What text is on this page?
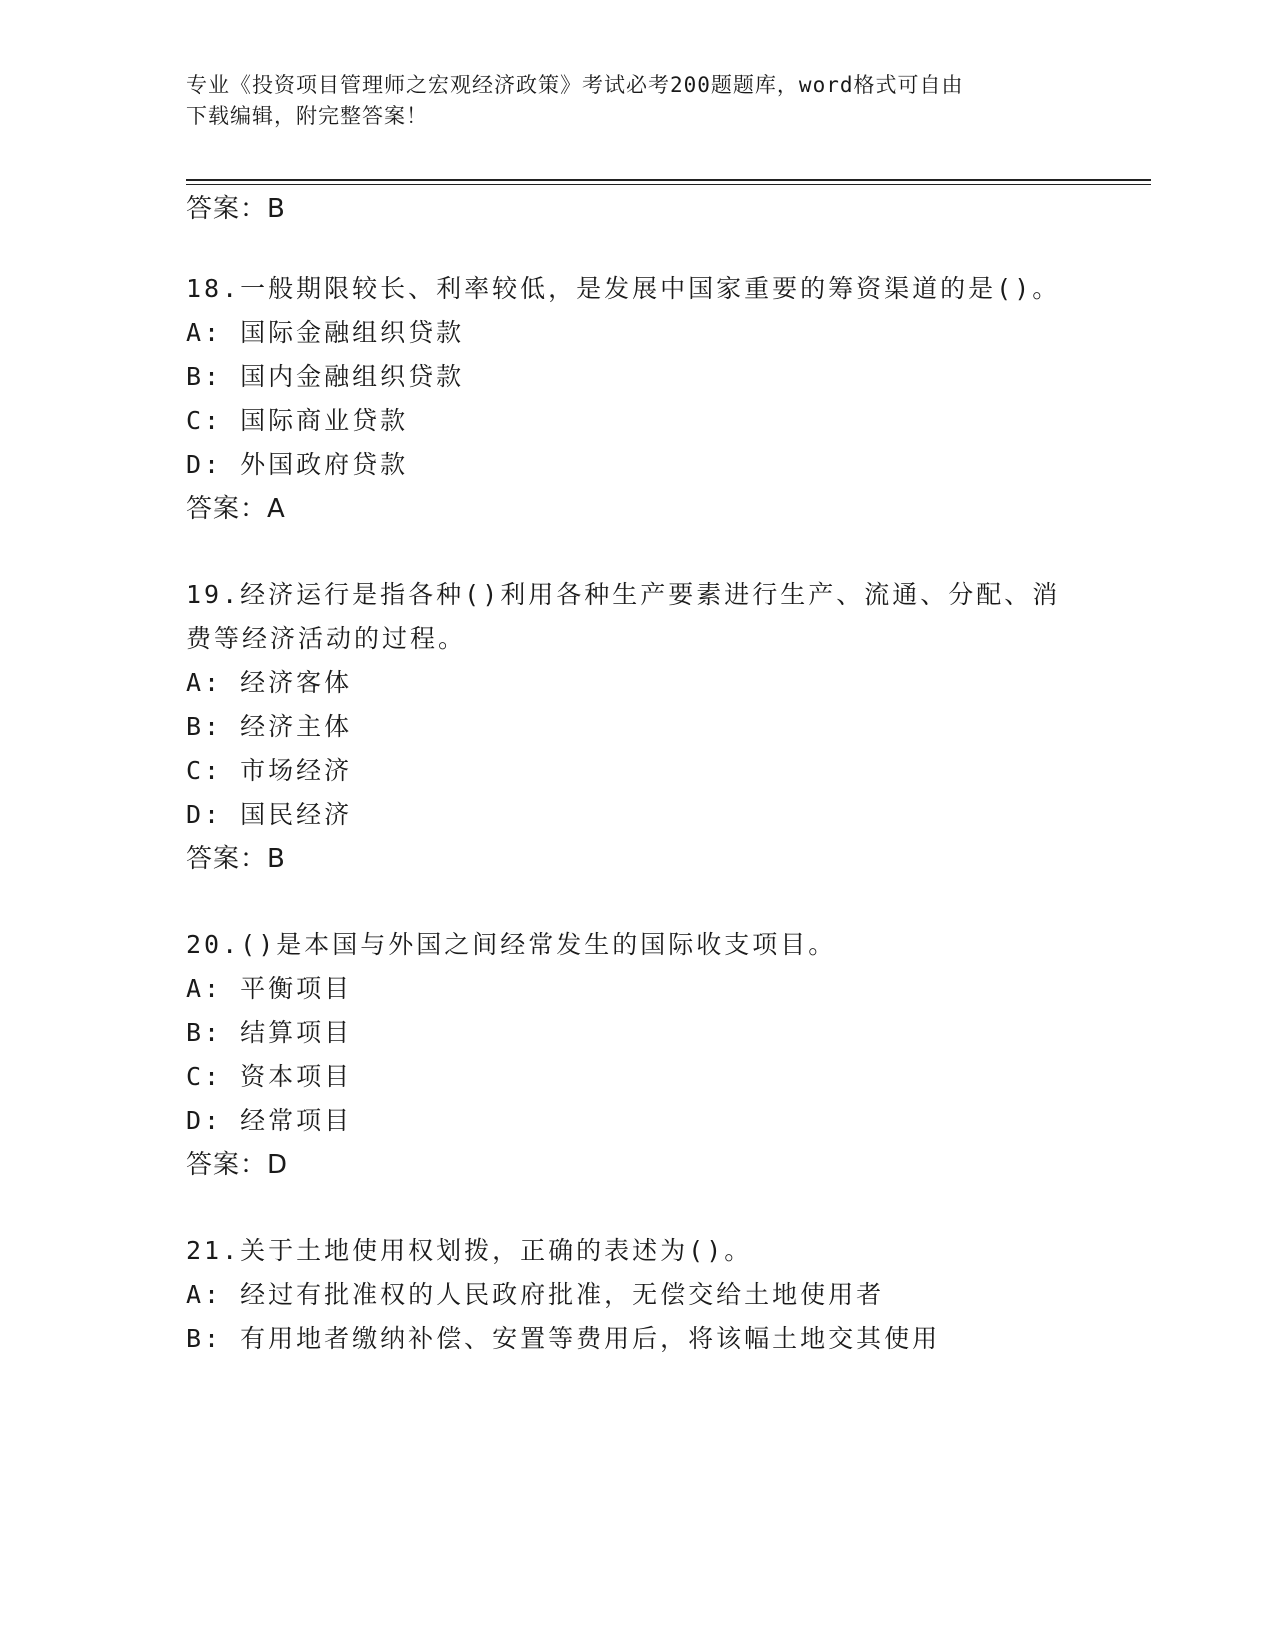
专业《投资项目管理师之宏观经济政策》考试必考200题题库，word格式可自由
下载编辑，附完整答案！
答案：B
18.一般期限较长、利率较低，是发展中国家重要的筹资渠道的是()。
A: 国际金融组织贷款
B: 国内金融组织贷款
C: 国际商业贷款
D: 外国政府贷款
答案：A
19.经济运行是指各种()利用各种生产要素进行生产、流通、分配、消
费等经济活动的过程。
A: 经济客体
B: 经济主体
C: 市场经济
D: 国民经济
答案：B
20.()是本国与外国之间经常发生的国际收支项目。
A: 平衡项目
B: 结算项目
C: 资本项目
D: 经常项目
答案：D
21.关于土地使用权划拨，正确的表述为()。
A: 经过有批准权的人民政府批准，无偿交给土地使用者
B: 有用地者缴纳补偿、安置等费用后，将该幅土地交其使用
